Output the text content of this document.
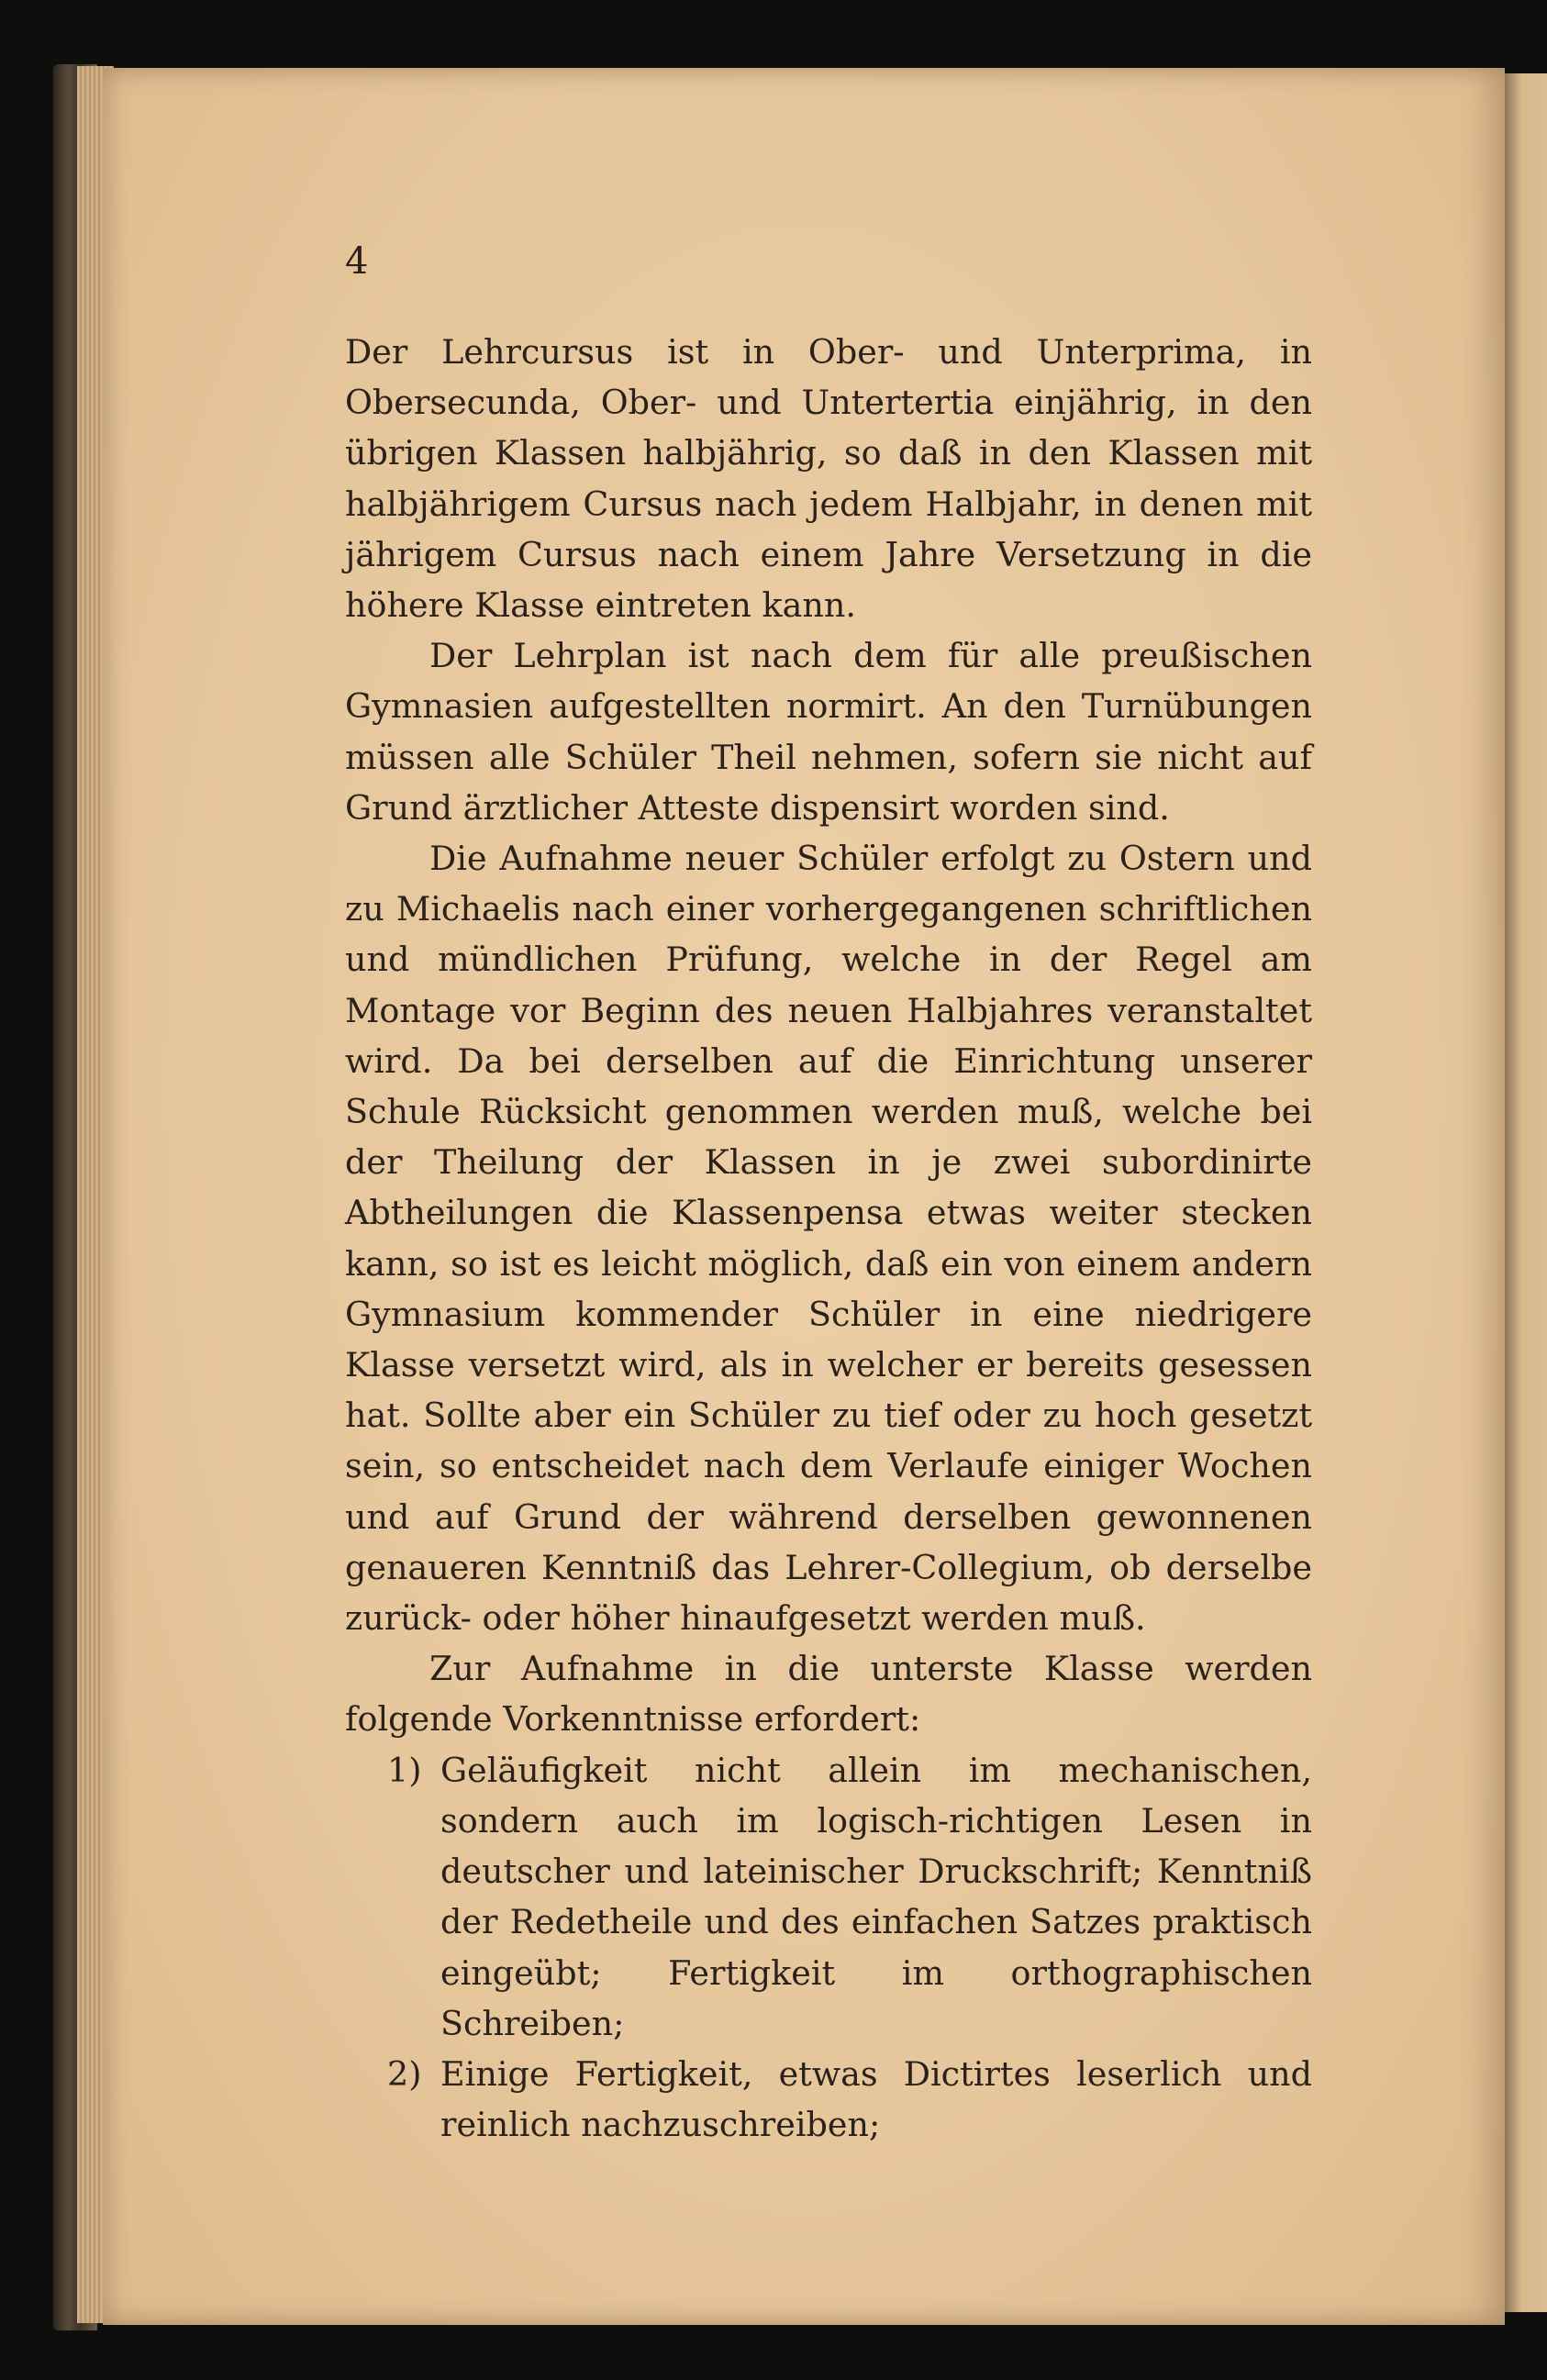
4

Der Lehrcursus ist in Ober- und Unterprima, in Obersecunda, Ober- und Untertertia einjährig, in den übrigen Klassen halbjährig, so daß in den Klassen mit halbjährigem Cursus nach jedem Halbjahr, in denen mit jährigem Cursus nach einem Jahre Versetzung in die höhere Klasse eintreten kann.

Der Lehrplan ist nach dem für alle preußischen Gymnasien aufgestellten normirt. An den Turnübungen müssen alle Schüler Theil nehmen, sofern sie nicht auf Grund ärztlicher Atteste dispensirt worden sind.

Die Aufnahme neuer Schüler erfolgt zu Ostern und zu Michaelis nach einer vorhergegangenen schriftlichen und mündlichen Prüfung, welche in der Regel am Montage vor Beginn des neuen Halbjahres veranstaltet wird. Da bei derselben auf die Einrichtung unserer Schule Rücksicht genommen werden muß, welche bei der Theilung der Klassen in je zwei subordinirte Abtheilungen die Klassenpensa etwas weiter stecken kann, so ist es leicht möglich, daß ein von einem andern Gymnasium kommender Schüler in eine niedrigere Klasse versetzt wird, als in welcher er bereits gesessen hat. Sollte aber ein Schüler zu tief oder zu hoch gesetzt sein, so entscheidet nach dem Verlaufe einiger Wochen und auf Grund der während derselben gewonnenen genaueren Kenntniß das Lehrer-Collegium, ob derselbe zurück- oder höher hinaufgesetzt werden muß.

Zur Aufnahme in die unterste Klasse werden folgende Vorkenntnisse erfordert:

1) Geläufigkeit nicht allein im mechanischen, sondern auch im logisch-richtigen Lesen in deutscher und lateinischer Druckschrift; Kenntniß der Redetheile und des einfachen Satzes praktisch eingeübt; Fertigkeit im orthographischen Schreiben;
2) Einige Fertigkeit, etwas Dictirtes leserlich und reinlich nachzuschreiben;
